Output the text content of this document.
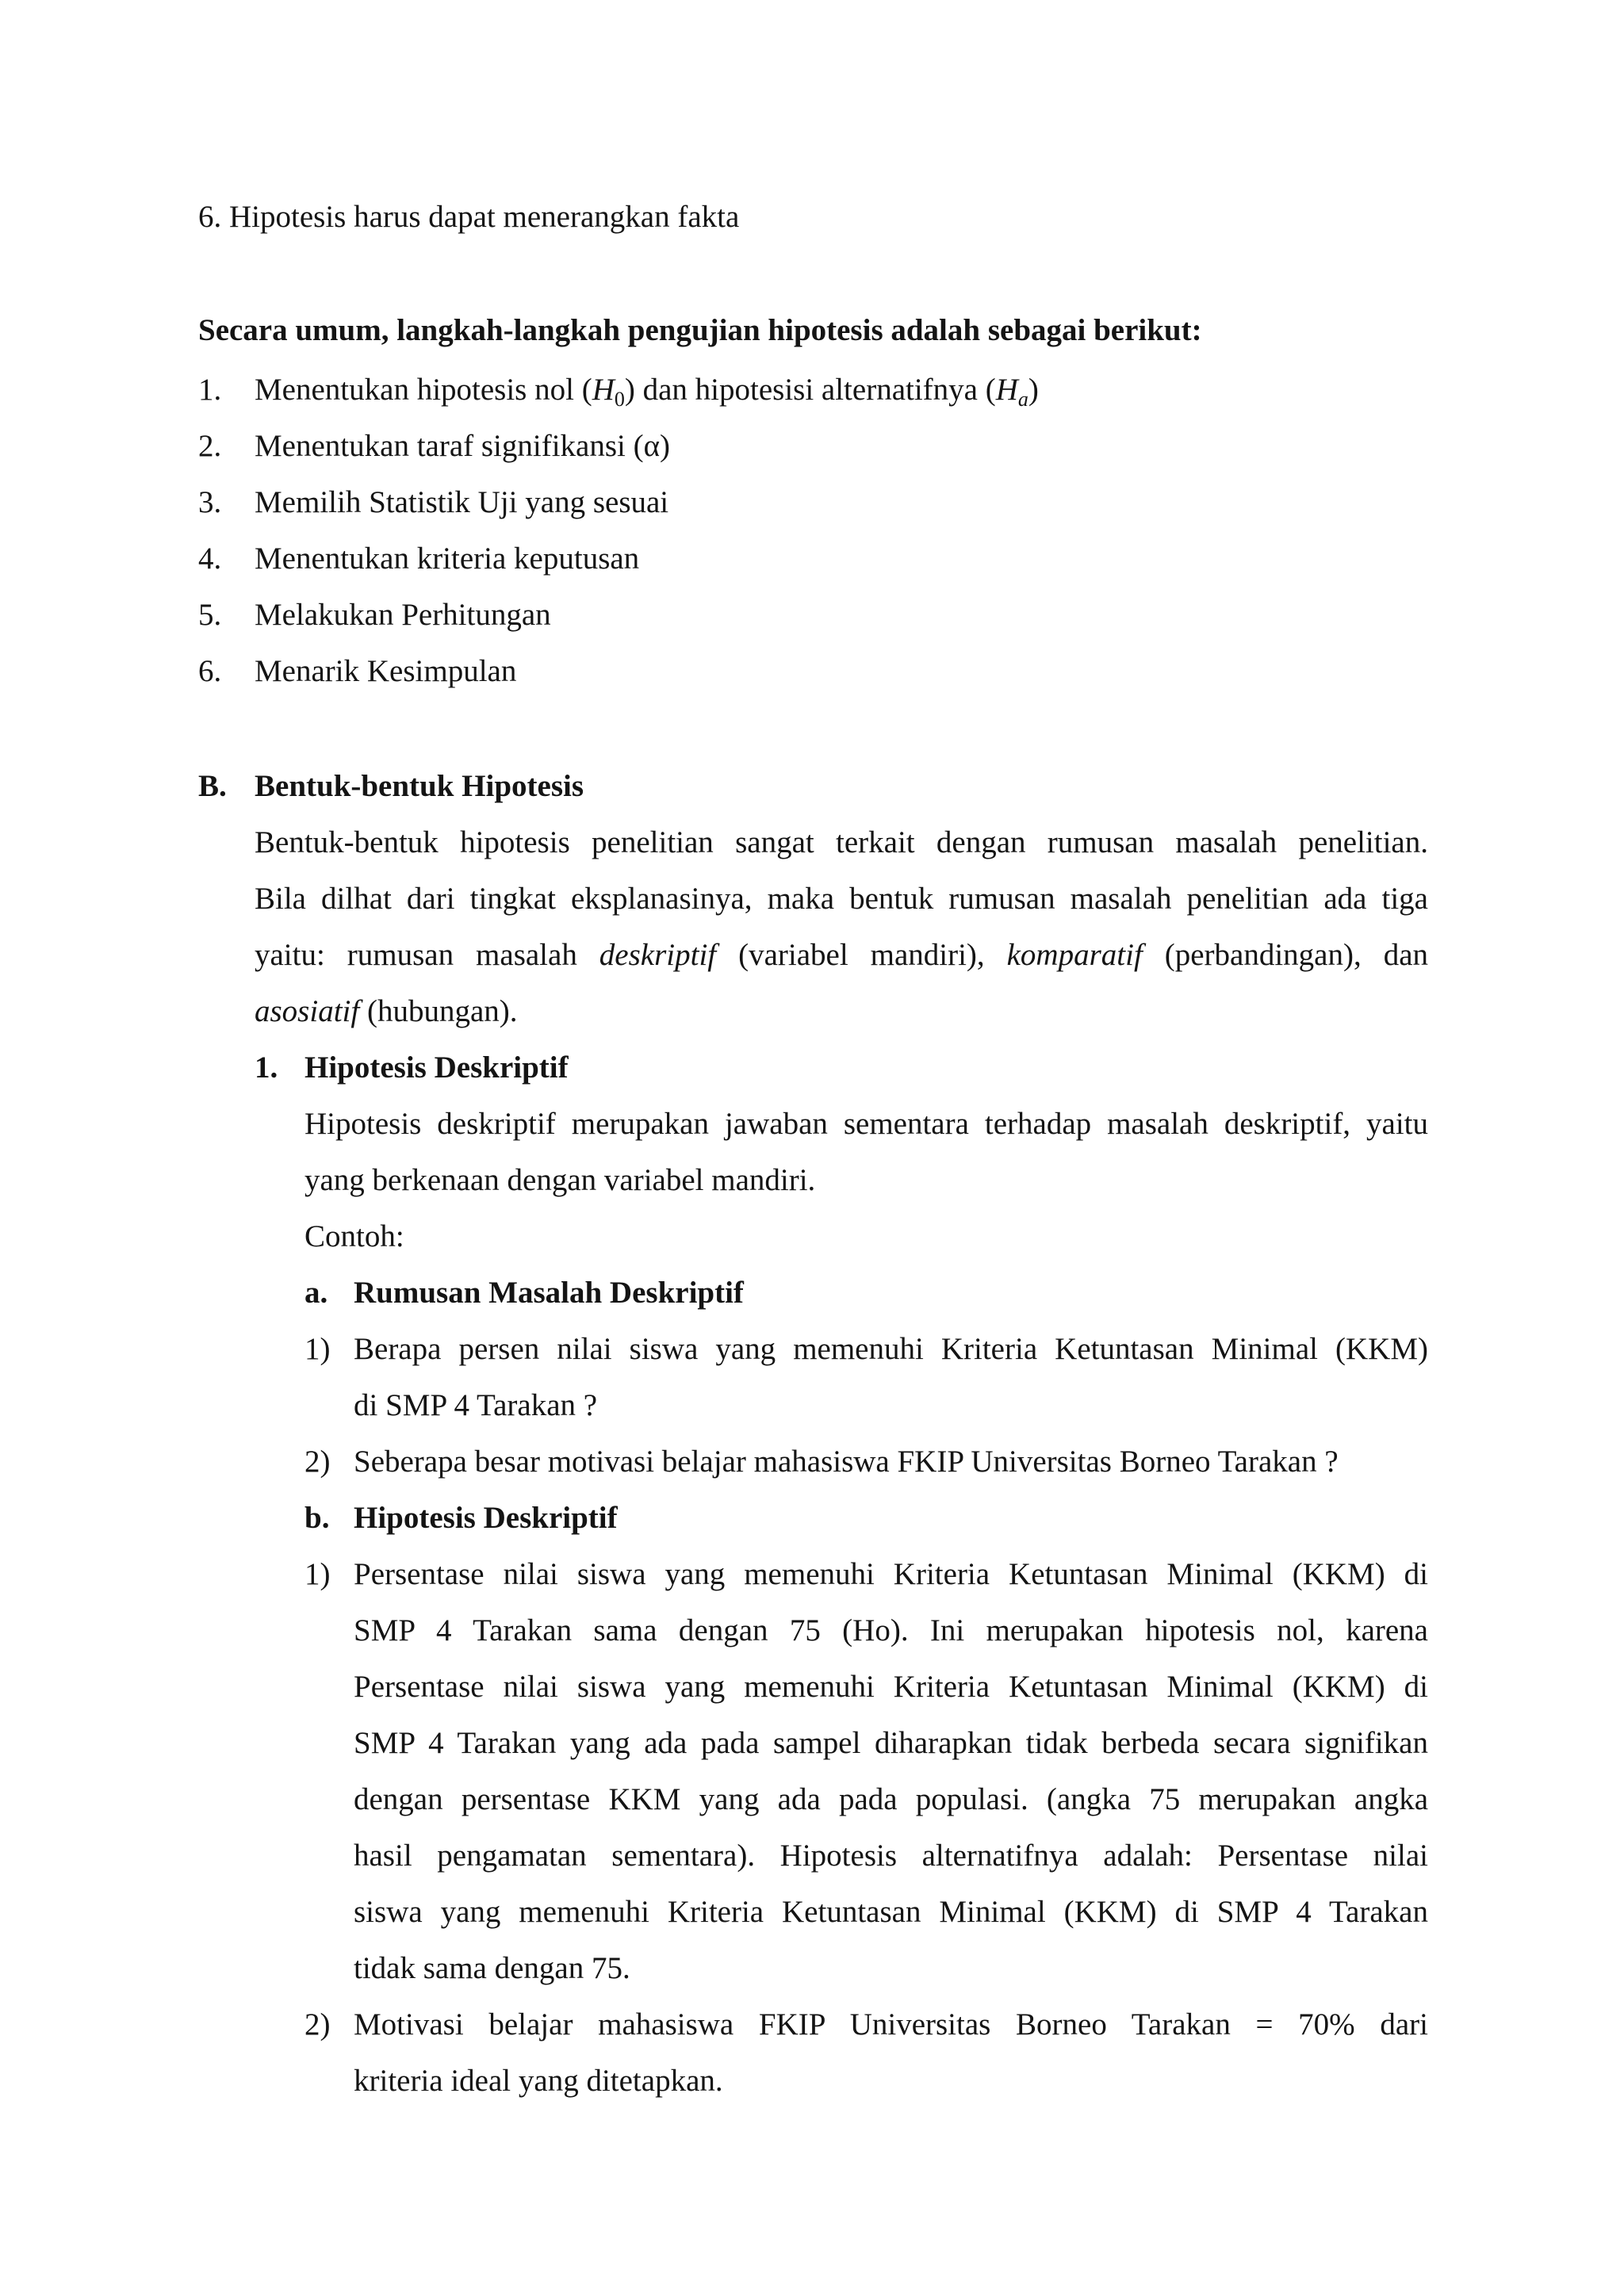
6. Hipotesis harus dapat menerangkan fakta
Secara umum, langkah-langkah pengujian hipotesis adalah sebagai berikut:
1. Menentukan hipotesis nol $(H_0)$ dan hipotesisi alternatifnya $(H_a)$
2. Menentukan taraf signifikansi (α)
3. Memilih Statistik Uji yang sesuai
4. Menentukan kriteria keputusan
5. Melakukan Perhitungan
6. Menarik Kesimpulan
B. Bentuk-bentuk Hipotesis
Bentuk-bentuk hipotesis penelitian sangat terkait dengan rumusan masalah penelitian.
Bila dilhat dari tingkat eksplanasinya, maka bentuk rumusan masalah penelitian ada tiga
yaitu: rumusan masalah deskriptif (variabel mandiri), komparatif (perbandingan), dan
asosiatif (hubungan).
1. Hipotesis Deskriptif
Hipotesis deskriptif merupakan jawaban sementara terhadap masalah deskriptif, yaitu
yang berkenaan dengan variabel mandiri.
Contoh:
a. Rumusan Masalah Deskriptif
1) Berapa persen nilai siswa yang memenuhi Kriteria Ketuntasan Minimal (KKM)
di SMP 4 Tarakan ?
2) Seberapa besar motivasi belajar mahasiswa FKIP Universitas Borneo Tarakan ?
b. Hipotesis Deskriptif
1) Persentase nilai siswa yang memenuhi Kriteria Ketuntasan Minimal (KKM) di
SMP 4 Tarakan sama dengan 75 (Ho). Ini merupakan hipotesis nol, karena
Persentase nilai siswa yang memenuhi Kriteria Ketuntasan Minimal (KKM) di
SMP 4 Tarakan yang ada pada sampel diharapkan tidak berbeda secara signifikan
dengan persentase KKM yang ada pada populasi. (angka 75 merupakan angka
hasil pengamatan sementara). Hipotesis alternatifnya adalah: Persentase nilai
siswa yang memenuhi Kriteria Ketuntasan Minimal (KKM) di SMP 4 Tarakan
tidak sama dengan 75.
2) Motivasi belajar mahasiswa FKIP Universitas Borneo Tarakan = 70% dari
kriteria ideal yang ditetapkan.
